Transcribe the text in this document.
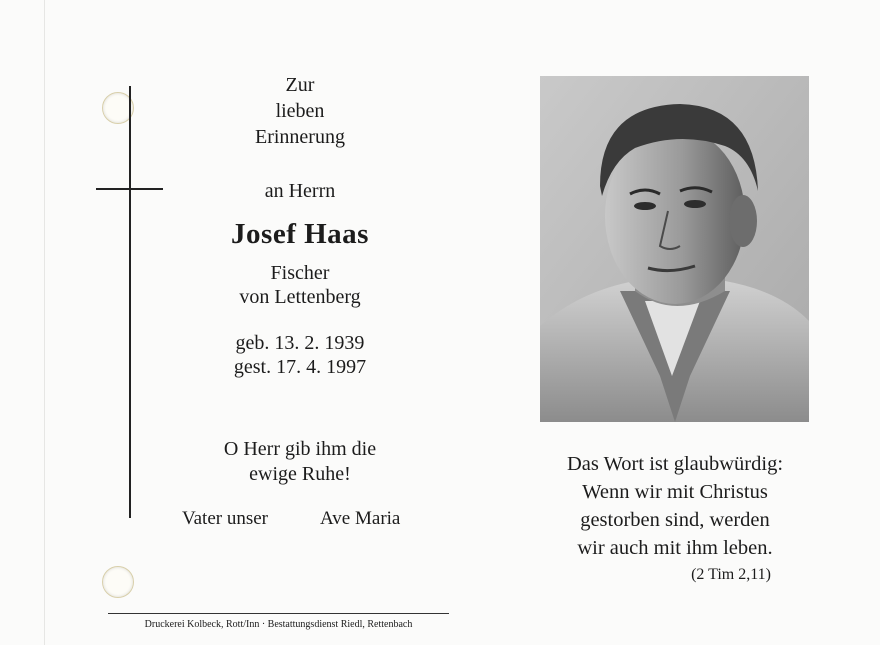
Zur

lieben

Erinnerung

an Herrn

Josef Haas

Fischer

von Lettenberg

geb. 13. 2. 1939

gest. 17. 4. 1997

O Herr gib ihm die

ewige Ruhe!

Vater unser	Ave Maria

Druckerei Kolbeck, Rott/Inn · Bestattungsdienst Riedl, Rettenbach

Das Wort ist glaubwürdig:
Wenn wir mit Christus
gestorben sind, werden
wir auch mit ihm leben.

(2 Tim 2,11)
